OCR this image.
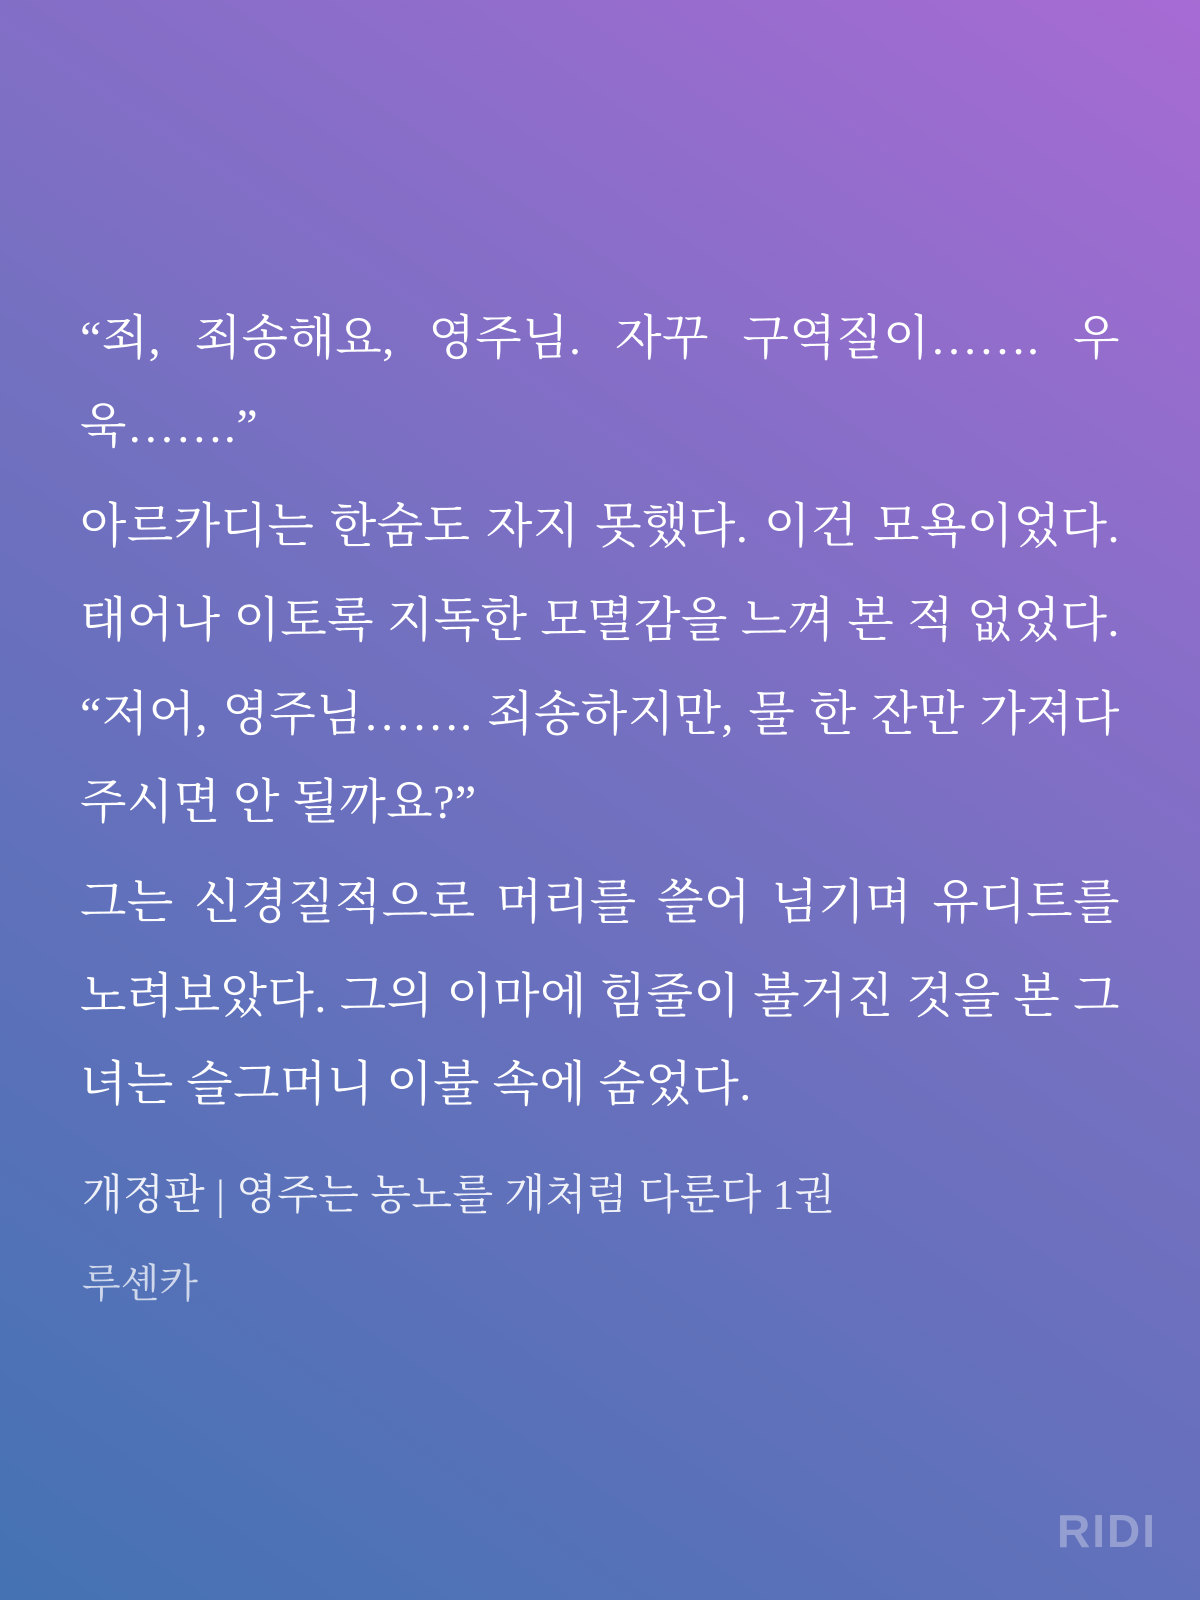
“죄, 죄송해요, 영주님. 자꾸 구역질이……. 우
욱…….”
아르카디는 한숨도 자지 못했다. 이건 모욕이었다.
태어나 이토록 지독한 모멸감을 느껴 본 적 없었다.
“저어, 영주님……. 죄송하지만, 물 한 잔만 가져다
주시면 안 될까요?”
그는 신경질적으로 머리를 쓸어 넘기며 유디트를
노려보았다. 그의 이마에 힘줄이 불거진 것을 본 그
녀는 슬그머니 이불 속에 숨었다.
개정판 | 영주는 농노를 개처럼 다룬다 1권
루셴카
RIDI
